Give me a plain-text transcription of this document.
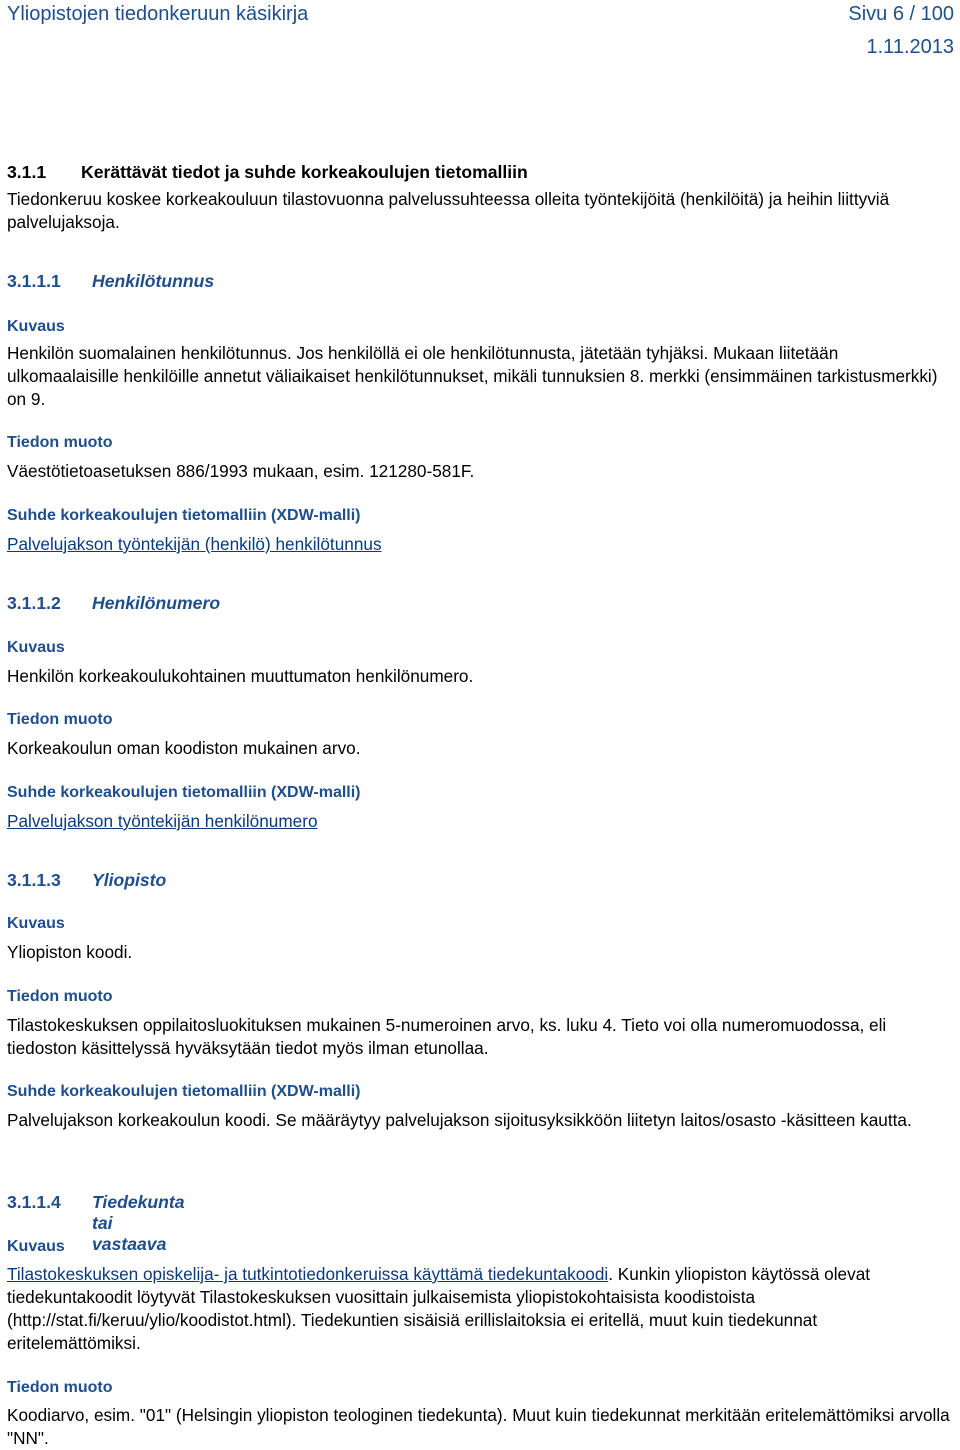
Yliopistojen tiedonkeruun käsikirja	Sivu 6 / 100
1.11.2013
3.1.1 Kerättävät tiedot ja suhde korkeakoulujen tietomalliin
Tiedonkeruu koskee korkeakouluun tilastovuonna palvelussuhteessa olleita työntekijöitä (henkilöitä) ja heihin liittyviä palvelujaksoja.
3.1.1.1 Henkilötunnus
Kuvaus
Henkilön suomalainen henkilötunnus. Jos henkilöllä ei ole henkilötunnusta, jätetään tyhjäksi. Mukaan liitetään ulkomaalaisille henkilöille annetut väliaikaiset henkilötunnukset, mikäli tunnuksien 8. merkki (ensimmäinen tarkistusmerkki) on 9.
Tiedon muoto
Väestötietoasetuksen 886/1993 mukaan, esim. 121280-581F.
Suhde korkeakoulujen tietomalliin (XDW-malli)
Palvelujakson työntekijän (henkilö) henkilötunnus
3.1.1.2 Henkilönumero
Kuvaus
Henkilön korkeakoulukohtainen muuttumaton henkilönumero.
Tiedon muoto
Korkeakoulun oman koodiston mukainen arvo.
Suhde korkeakoulujen tietomalliin (XDW-malli)
Palvelujakson työntekijän henkilönumero
3.1.1.3 Yliopisto
Kuvaus
Yliopiston koodi.
Tiedon muoto
Tilastokeskuksen oppilaitosluokituksen mukainen 5-numeroinen arvo, ks. luku 4. Tieto voi olla numeromuodossa, eli tiedoston käsittelyssä hyväksytään tiedot myös ilman etunollaa.
Suhde korkeakoulujen tietomalliin (XDW-malli)
Palvelujakson korkeakoulun koodi. Se määräytyy palvelujakson sijoitusyksikköön liitetyn laitos/osasto -käsitteen kautta.
3.1.1.4 Tiedekunta tai vastaava
Kuvaus
Tilastokeskuksen opiskelija- ja tutkintotiedonkeruissa käyttämä tiedekuntakoodi. Kunkin yliopiston käytössä olevat tiedekuntakoodit löytyvät Tilastokeskuksen vuosittain julkaisemista yliopistokohtaisista koodistoista (http://stat.fi/keruu/ylio/koodistot.html). Tiedekuntien sisäisiä erillislaitoksia ei eritellä, muut kuin tiedekunnat eritelemättömiksi.
Tiedon muoto
Koodiarvo, esim. "01" (Helsingin yliopiston teologinen tiedekunta). Muut kuin tiedekunnat merkitään eritelemättömiksi arvolla "NN".
